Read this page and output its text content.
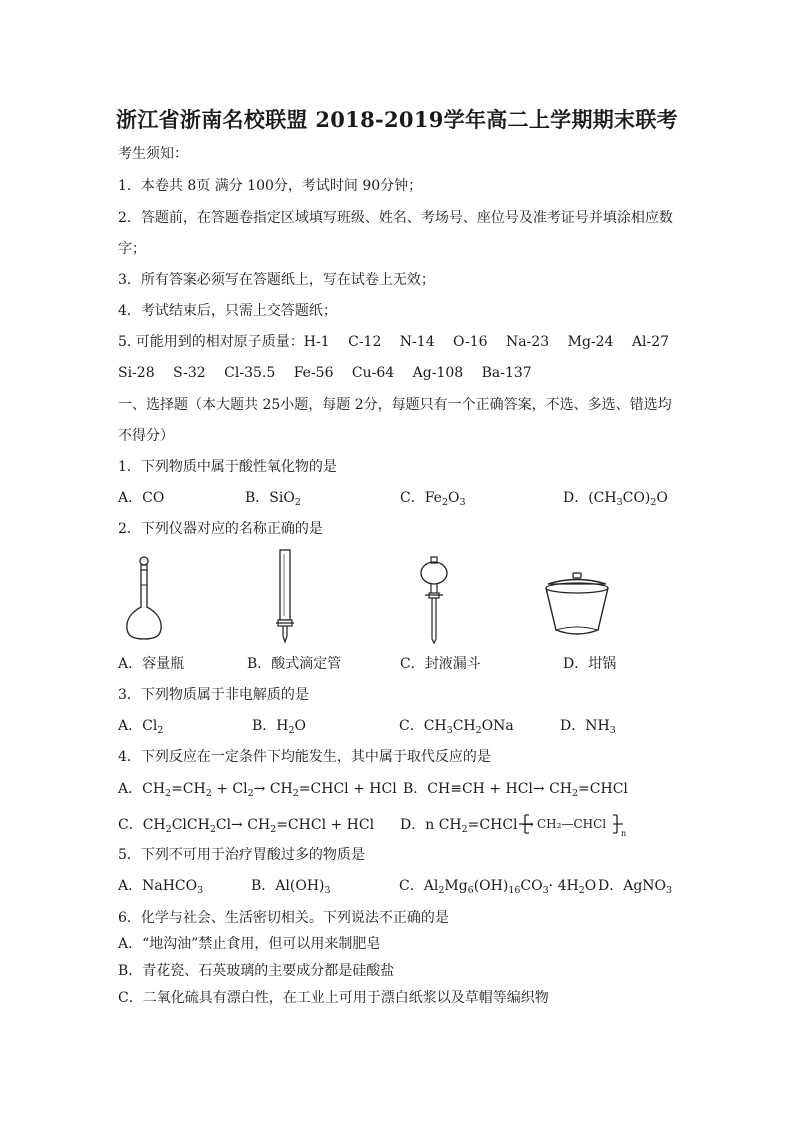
浙江省浙南名校联盟 2018-2019学年高二上学期期末联考
考生须知：
1．本卷共 8页 满分 100分，考试时间 90分钟；
2．答题前，在答题卷指定区域填写班级、姓名、考场号、座位号及准考证号并填涂相应数
字；
3．所有答案必须写在答题纸上，写在试卷上无效；
4．考试结束后，只需上交答题纸；
5. 可能用到的相对原子质量：H-1　 C-12　 N-14　 O-16　 Na-23　 Mg-24　 Al-27
Si-28　 S-32　 Cl-35.5　 Fe-56　 Cu-64　 Ag-108　 Ba-137
一、选择题（本大题共 25小题，每题 2分，每题只有一个正确答案，不选、多选、错选均
不得分）
1．下列物质中属于酸性氧化物的是
A．CO	B．SiO$_2$	C．$Fe_2O_3$	D．$(CH_3CO)_2O$
2．下列仪器对应的名称正确的是
A．容量瓶	B．酸式滴定管	C．封液漏斗	D．坩锅
3．下列物质属于非电解质的是
A．$Cl_2$	B．$H_2O$	C．$CH_3CH_2ONa$	D．$NH_3$
4．下列反应在一定条件下均能发生，其中属于取代反应的是
A．$CH_2=CH_2 + Cl_2\to$ $CH_2=CHCl$ + HCl B．$CH\equiv CH + HCl\to CH_2=CHCl$
C．$CH_2ClCH_2Cl\to$ $CH_2=CHCl$ + HCl D．n $CH_2=CHCl$ → CH₂—CHCl
n
5．下列不可用于治疗胃酸过多的物质是
A．NaHCO$_3$	B．$Al(OH)_3$	C．$Al_2Mg_6(OH)_{16}CO_3\cdot 4H_2O$ D．AgNO$_3$
6．化学与社会、生活密切相关。下列说法不正确的是
A．“地沟油”禁止食用，但可以用来制肥皂
B．青花瓷、石英玻璃的主要成分都是硅酸盐
C．二氧化硫具有漂白性，在工业上可用于漂白纸浆以及草帽等编织物
